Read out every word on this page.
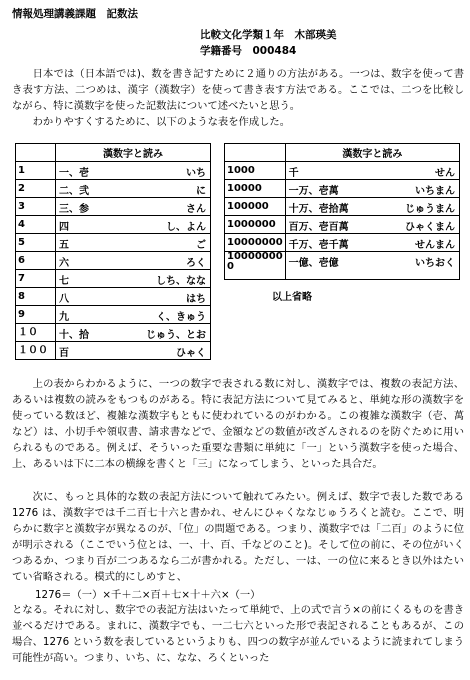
情報処理講義課題　記数法
比較文化学類１年　木部瑛美
学籍番号　000484

日本では（日本語では)、数を書き記すために２通りの方法がある。一つは、数字を使って書き表す方法、二つめは、漢字（漢数字）を使って書き表す方法である。ここでは、二つを比較しながら、特に漢数字を使った記数法について述べたいと思う。

わかりやすくするために、以下のような表を作成した。

	漢数字と読み
1	一、壱 いち

2	二、弐 に

3	三、参 さん

4	四 し、よん

5	五 ご

6	六 ろく

7	七 しち、なな

8	八 はち

9	九 く、きゅう

１０	十、拾 じゅう、とお

１００	百 ひゃく
	漢数字と読み
1000	千 せん

10000	一万、壱萬 いちまん

100000	十万、壱拾萬 じゅうまん

1000000	百万、壱百萬 ひゃくまん

10000000	千万、壱千萬 せんまん

10000000
0	一億、壱億 いちおく
以上省略

上の表からわかるように、一つの数字で表される数に対し、漢数字では、複数の表記方法、あるいは複数の読みをもつものがある。特に表記方法について見てみると、単純な形の漢数字を使っている数ほど、複雑な漢数字もともに使われているのがわかる。この複雑な漢数字（壱、萬など）は、小切手や領収書、請求書などで、金額などの数値が改ざんされるのを防ぐために用いられるものである。例えば、そういった重要な書類に単純に「一」という漢数字を使った場合、上、あるいは下に二本の横線を書くと「三」になってしまう、といった具合だ。

次に、もっと具体的な数の表記方法について触れてみたい。例えば、数字で表した数である 1276 は、漢数字では千二百七十六と書かれ、せんにひゃくななじゅうろくと読む。ここで、明らかに数字と漢数字が異なるのが、「位」の問題である。つまり、漢数字では「二百」のように位が明示される（ここでいう位とは、一、十、百、千などのこと)。そして位の前に、その位がいくつあるか、つまり百が二つあるなら二が書かれる。ただし、一は、一の位に来るとき以外はたいてい省略される。模式的にしめすと、

1276＝（一）×千＋二×百＋七×十＋六×（一）

となる。それに対し、数字での表記方法はいたって単純で、上の式で言う×の前にくるものを書き並べるだけである。まれに、漢数字でも、一二七六といった形で表記されることもあるが、この場合、1276 という数を表しているというよりも、四つの数字が並んでいるように読まれてしまう可能性が高い。つまり、いち、に、なな、ろくといった
